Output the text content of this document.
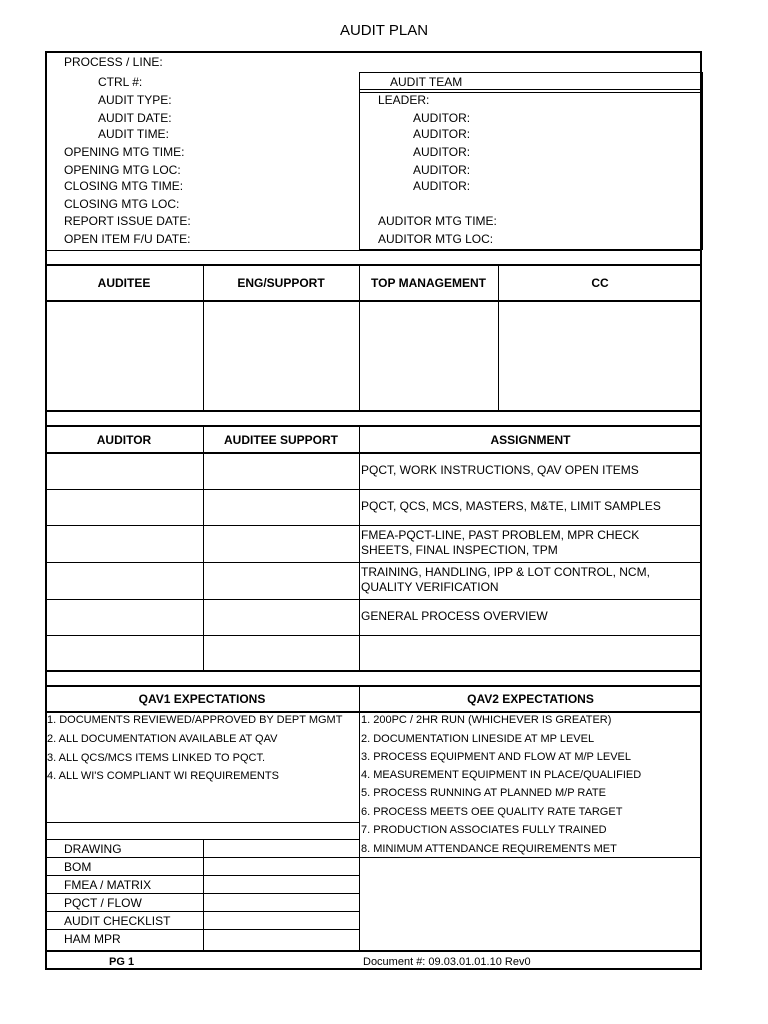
AUDIT PLAN
PROCESS / LINE:
CTRL #:
AUDIT TYPE:
AUDIT DATE:
AUDIT TIME:
OPENING MTG TIME:
OPENING MTG LOC:
CLOSING MTG TIME:
CLOSING MTG LOC:
REPORT ISSUE DATE:
OPEN ITEM F/U DATE:
AUDIT TEAM
LEADER:
AUDITOR:
AUDITOR:
AUDITOR:
AUDITOR:
AUDITOR:
AUDITOR MTG TIME:
AUDITOR MTG LOC:
AUDITEE	ENG/SUPPORT	TOP MANAGEMENT	CC
AUDITOR	AUDITEE SUPPORT	ASSIGNMENT
PQCT, WORK INSTRUCTIONS, QAV OPEN ITEMS
PQCT, QCS, MCS, MASTERS, M&TE, LIMIT SAMPLES
FMEA-PQCT-LINE, PAST PROBLEM, MPR CHECK SHEETS, FINAL INSPECTION, TPM
TRAINING, HANDLING, IPP & LOT CONTROL, NCM, QUALITY VERIFICATION
GENERAL PROCESS OVERVIEW
QAV1 EXPECTATIONS	QAV2 EXPECTATIONS
1. DOCUMENTS REVIEWED/APPROVED BY DEPT MGMT
2. ALL DOCUMENTATION AVAILABLE AT QAV
3. ALL QCS/MCS ITEMS LINKED TO PQCT.
4. ALL WI'S COMPLIANT WI REQUIREMENTS
1. 200PC / 2HR RUN (WHICHEVER IS GREATER)
2. DOCUMENTATION LINESIDE AT MP LEVEL
3. PROCESS EQUIPMENT AND FLOW AT M/P LEVEL
4. MEASUREMENT EQUIPMENT IN PLACE/QUALIFIED
5. PROCESS RUNNING AT PLANNED M/P RATE
6. PROCESS MEETS OEE QUALITY RATE TARGET
7. PRODUCTION ASSOCIATES FULLY TRAINED
8. MINIMUM ATTENDANCE REQUIREMENTS MET
DRAWING
BOM
FMEA / MATRIX
PQCT / FLOW
AUDIT CHECKLIST
HAM MPR
PG 1	Document #: 09.03.01.01.10 Rev0
